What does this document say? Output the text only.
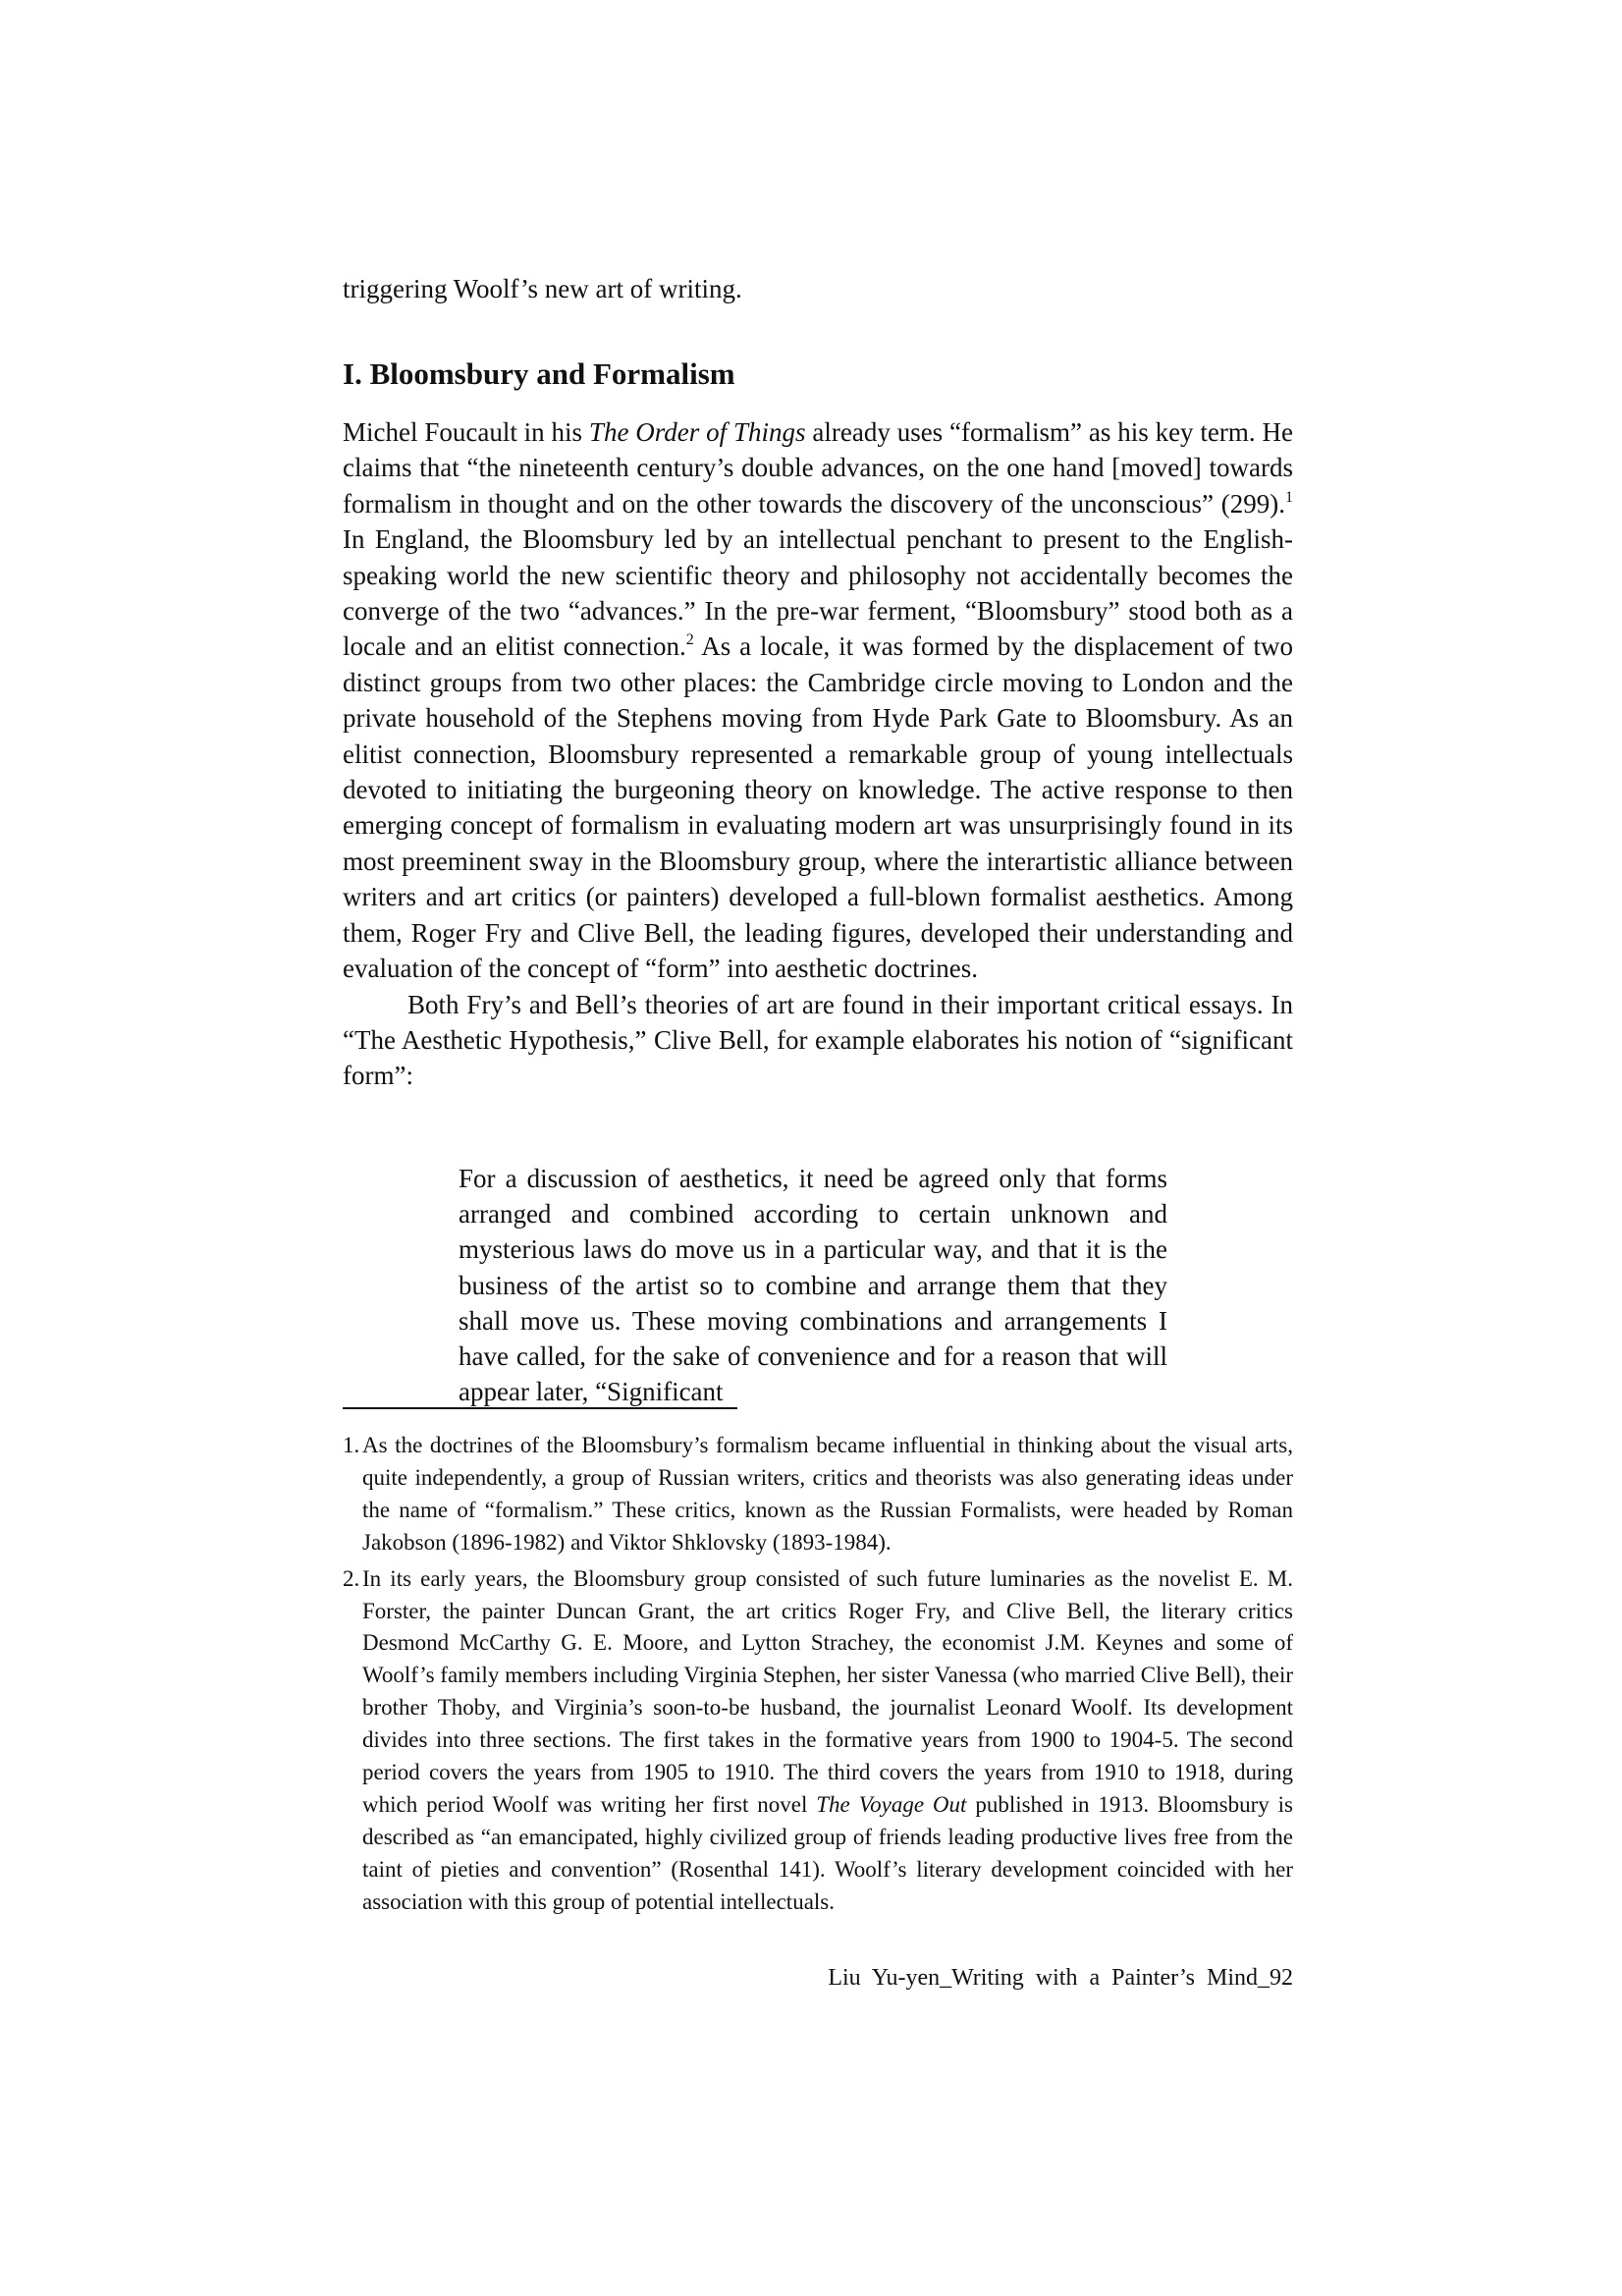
triggering Woolf’s new art of writing.

I. Bloomsbury and Formalism

Michel Foucault in his The Order of Things already uses “formalism” as his key term. He claims that “the nineteenth century’s double advances, on the one hand [moved] towards formalism in thought and on the other towards the discovery of the unconscious” (299).$^1$ In England, the Bloomsbury led by an intellectual penchant to present to the English-speaking world the new scientific theory and philosophy not accidentally becomes the converge of the two “advances.” In the pre-war ferment, “Bloomsbury” stood both as a locale and an elitist connection.$^2$ As a locale, it was formed by the displacement of two distinct groups from two other places: the Cambridge circle moving to London and the private household of the Stephens moving from Hyde Park Gate to Bloomsbury. As an elitist connection, Bloomsbury represented a remarkable group of young intellectuals devoted to initiating the burgeoning theory on knowledge. The active response to then emerging concept of formalism in evaluating modern art was unsurprisingly found in its most preeminent sway in the Bloomsbury group, where the interartistic alliance between writers and art critics (or painters) developed a full-blown formalist aesthetics. Among them, Roger Fry and Clive Bell, the leading figures, developed their understanding and evaluation of the concept of “form” into aesthetic doctrines.

Both Fry’s and Bell’s theories of art are found in their important critical essays. In “The Aesthetic Hypothesis,” Clive Bell, for example elaborates his notion of “significant form”:

For a discussion of aesthetics, it need be agreed only that forms arranged and combined according to certain unknown and mysterious laws do move us in a particular way, and that it is the business of the artist so to combine and arrange them that they shall move us. These moving combinations and arrangements I have called, for the sake of convenience and for a reason that will appear later, “Significant
1. As the doctrines of the Bloomsbury’s formalism became influential in thinking about the visual arts, quite independently, a group of Russian writers, critics and theorists was also generating ideas under the name of “formalism.” These critics, known as the Russian Formalists, were headed by Roman Jakobson (1896-1982) and Viktor Shklovsky (1893-1984).
2. In its early years, the Bloomsbury group consisted of such future luminaries as the novelist E. M. Forster, the painter Duncan Grant, the art critics Roger Fry, and Clive Bell, the literary critics Desmond McCarthy G. E. Moore, and Lytton Strachey, the economist J.M. Keynes and some of Woolf’s family members including Virginia Stephen, her sister Vanessa (who married Clive Bell), their brother Thoby, and Virginia’s soon-to-be husband, the journalist Leonard Woolf. Its development divides into three sections. The first takes in the formative years from 1900 to 1904-5. The second period covers the years from 1905 to 1910. The third covers the years from 1910 to 1918, during which period Woolf was writing her first novel The Voyage Out published in 1913. Bloomsbury is described as “an emancipated, highly civilized group of friends leading productive lives free from the taint of pieties and convention” (Rosenthal 141). Woolf’s literary development coincided with her association with this group of potential intellectuals.

Liu Yu-yen_Writing with a Painter’s Mind_92
